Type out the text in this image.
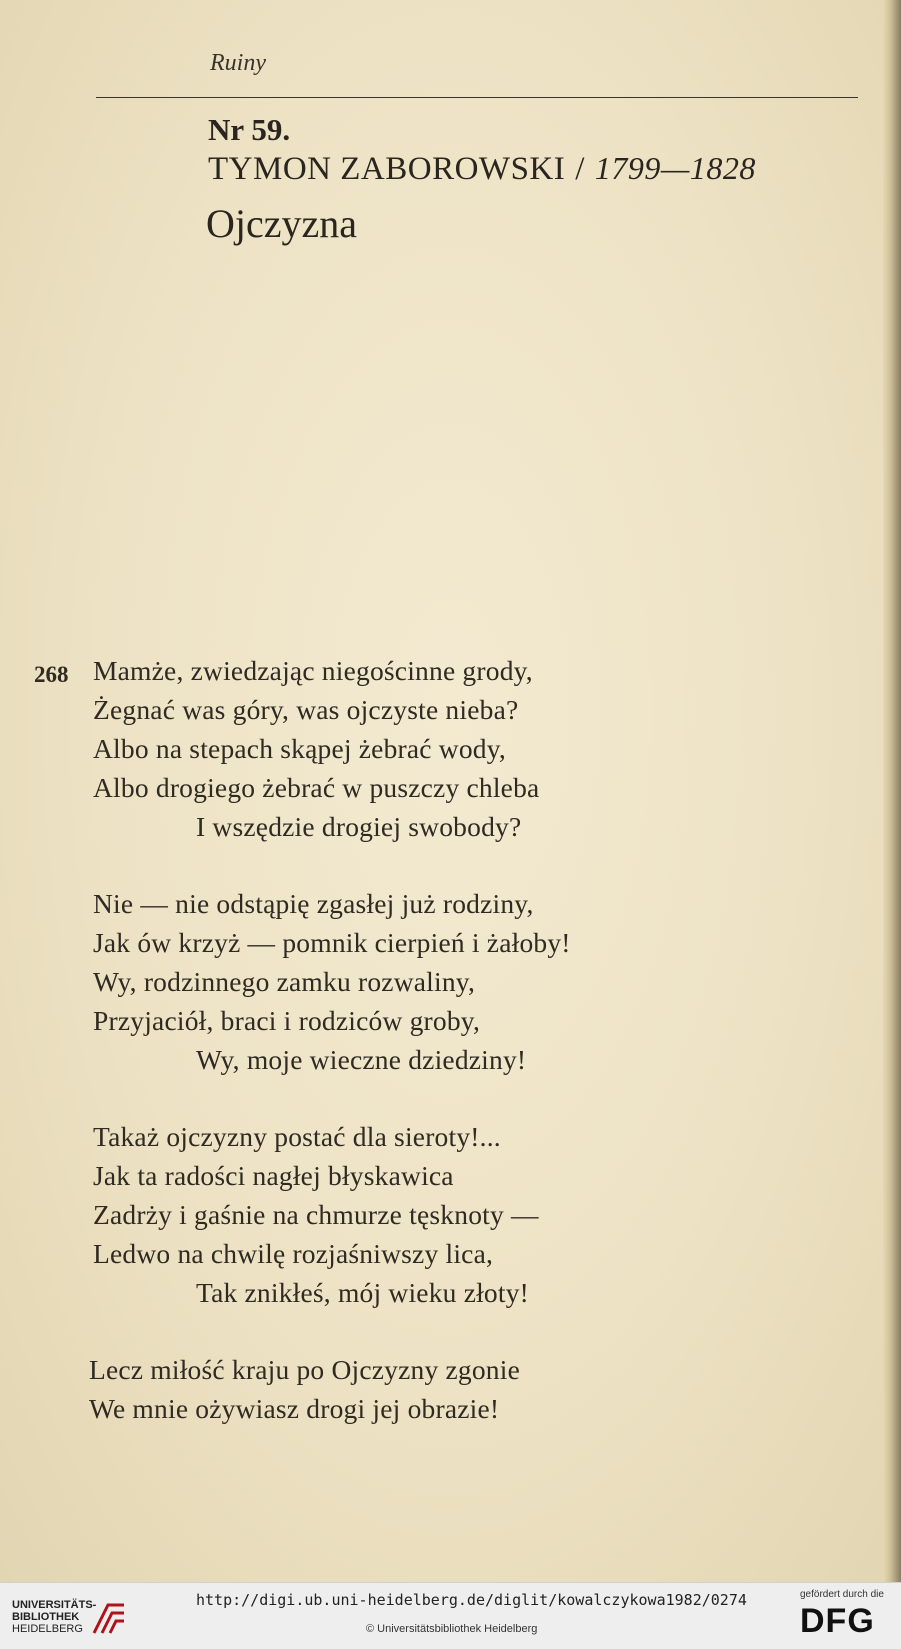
Ruiny
Nr 59.
TYMON ZABOROWSKI / 1799—1828
Ojczyzna
268 Mamże, zwiedzając niegościnne grody,
Żegnać was góry, was ojczyste nieba?
Albo na stepach skąpej żebrać wody,
Albo drogiego żebrać w puszczy chleba
I wszędzie drogiej swobody?
Nie — nie odstąpię zgasłej już rodziny,
Jak ów krzyż — pomnik cierpień i żałoby!
Wy, rodzinnego zamku rozwaliny,
Przyjaciół, braci i rodziców groby,
Wy, moje wieczne dziedziny!
Takaż ojczyzny postać dla sieroty!...
Jak ta radości nagłej błyskawica
Zadrży i gaśnie na chmurze tęsknoty —
Ledwo na chwilę rozjaśniwszy lica,
Tak znikłeś, mój wieku złoty!
Lecz miłość kraju po Ojczyzny zgonie
We mnie ożywiasz drogi jej obrazie!
UNIVERSITÄTS-
BIBLIOTHEK
HEIDELBERG
http://digi.ub.uni-heidelberg.de/diglit/kowalczykowa1982/0274
© Universitätsbibliothek Heidelberg
gefördert durch die
DFG
